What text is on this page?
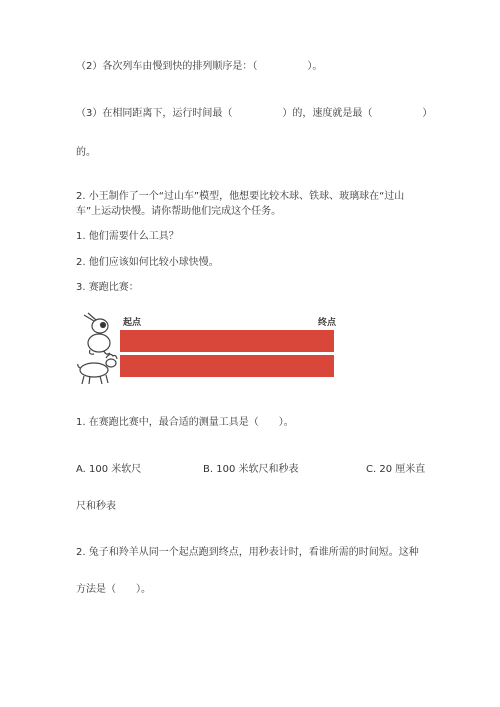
（2）各次列车由慢到快的排列顺序是：（　　　　　）。
（3）在相同距离下，运行时间最（　　　　　）的，速度就是最（　　　　　）
的。
2. 小王制作了一个“过山车”模型，他想要比较木球、铁球、玻璃球在“过山
车”上运动快慢。请你帮助他们完成这个任务。
1. 他们需要什么工具？
2. 他们应该如何比较小球快慢。
3. 赛跑比赛：
起点	终点
1. 在赛跑比赛中，最合适的测量工具是（　　）。
A. 100 米软尺	B. 100 米软尺和秒表	C. 20 厘米直
尺和秒表
2. 兔子和羚羊从同一个起点跑到终点，用秒表计时，看谁所需的时间短。这种
方法是（　　）。
